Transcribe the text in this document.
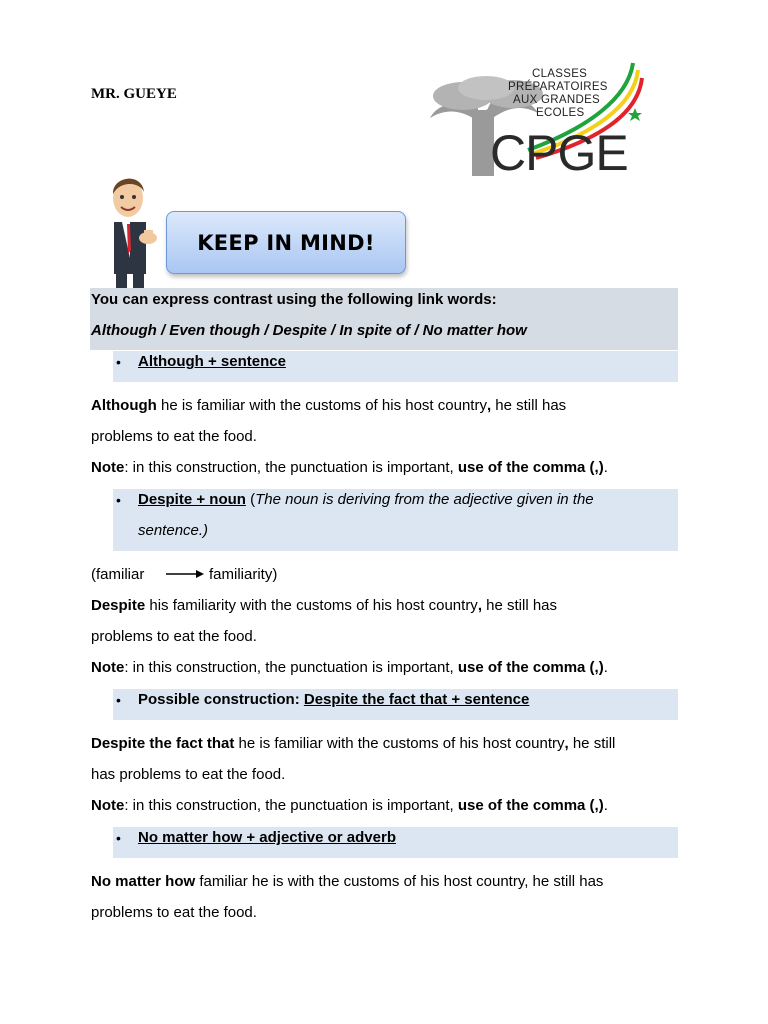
MR. GUEYE
CLASSES
PRÉPARATOIRES
AUX GRANDES
ECOLES
CPGE
KEEP IN MIND!
You can express contrast using the following link words:
Although / Even though / Despite / In spite of / No matter how
• Although + sentence
Although he is familiar with the customs of his host country, he still has
problems to eat the food.
Note: in this construction, the punctuation is important, use of the comma (,).
• Despite + noun (The noun is deriving from the adjective given in the
sentence.)
(familiar	familiarity)
Despite his familiarity with the customs of his host country, he still has
problems to eat the food.
Note: in this construction, the punctuation is important, use of the comma (,).
• Possible construction: Despite the fact that + sentence
Despite the fact that he is familiar with the customs of his host country, he still
has problems to eat the food.
Note: in this construction, the punctuation is important, use of the comma (,).
• No matter how + adjective or adverb
No matter how familiar he is with the customs of his host country, he still has
problems to eat the food.
